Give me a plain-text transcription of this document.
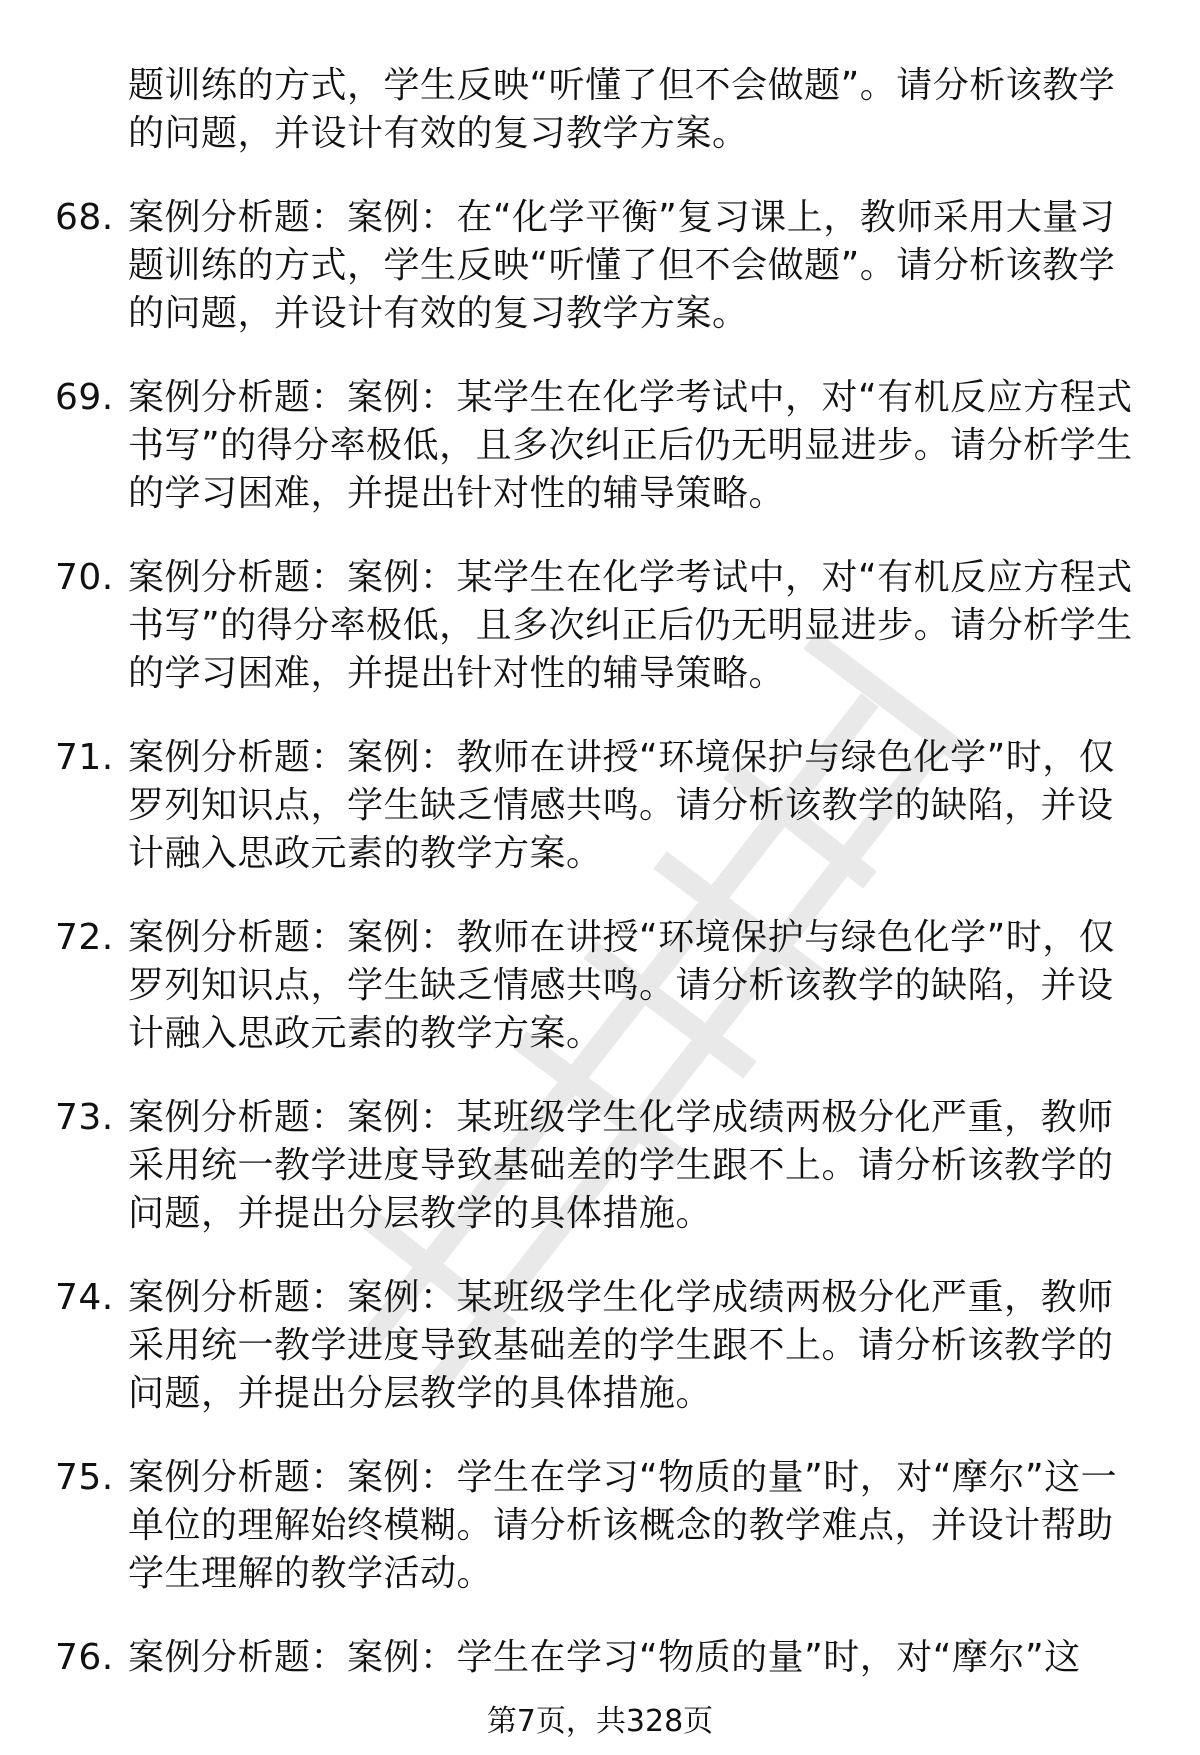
题训练的方式，学生反映“听懂了但不会做题”。请分析该教学的问题，并设计有效的复习教学方案。
68. 案例分析题：案例：在“化学平衡”复习课上，教师采用大量习题训练的方式，学生反映“听懂了但不会做题”。请分析该教学的问题，并设计有效的复习教学方案。
69. 案例分析题：案例：某学生在化学考试中，对“有机反应方程式书写”的得分率极低，且多次纠正后仍无明显进步。请分析学生的学习困难，并提出针对性的辅导策略。
70. 案例分析题：案例：某学生在化学考试中，对“有机反应方程式书写”的得分率极低，且多次纠正后仍无明显进步。请分析学生的学习困难，并提出针对性的辅导策略。
71. 案例分析题：案例：教师在讲授“环境保护与绿色化学”时，仅罗列知识点，学生缺乏情感共鸣。请分析该教学的缺陷，并设计融入思政元素的教学方案。
72. 案例分析题：案例：教师在讲授“环境保护与绿色化学”时，仅罗列知识点，学生缺乏情感共鸣。请分析该教学的缺陷，并设计融入思政元素的教学方案。
73. 案例分析题：案例：某班级学生化学成绩两极分化严重，教师采用统一教学进度导致基础差的学生跟不上。请分析该教学的问题，并提出分层教学的具体措施。
74. 案例分析题：案例：某班级学生化学成绩两极分化严重，教师采用统一教学进度导致基础差的学生跟不上。请分析该教学的问题，并提出分层教学的具体措施。
75. 案例分析题：案例：学生在学习“物质的量”时，对“摩尔”这一单位的理解始终模糊。请分析该概念的教学难点，并设计帮助学生理解的教学活动。
76. 案例分析题：案例：学生在学习“物质的量”时，对“摩尔”这
第7页，共328页
